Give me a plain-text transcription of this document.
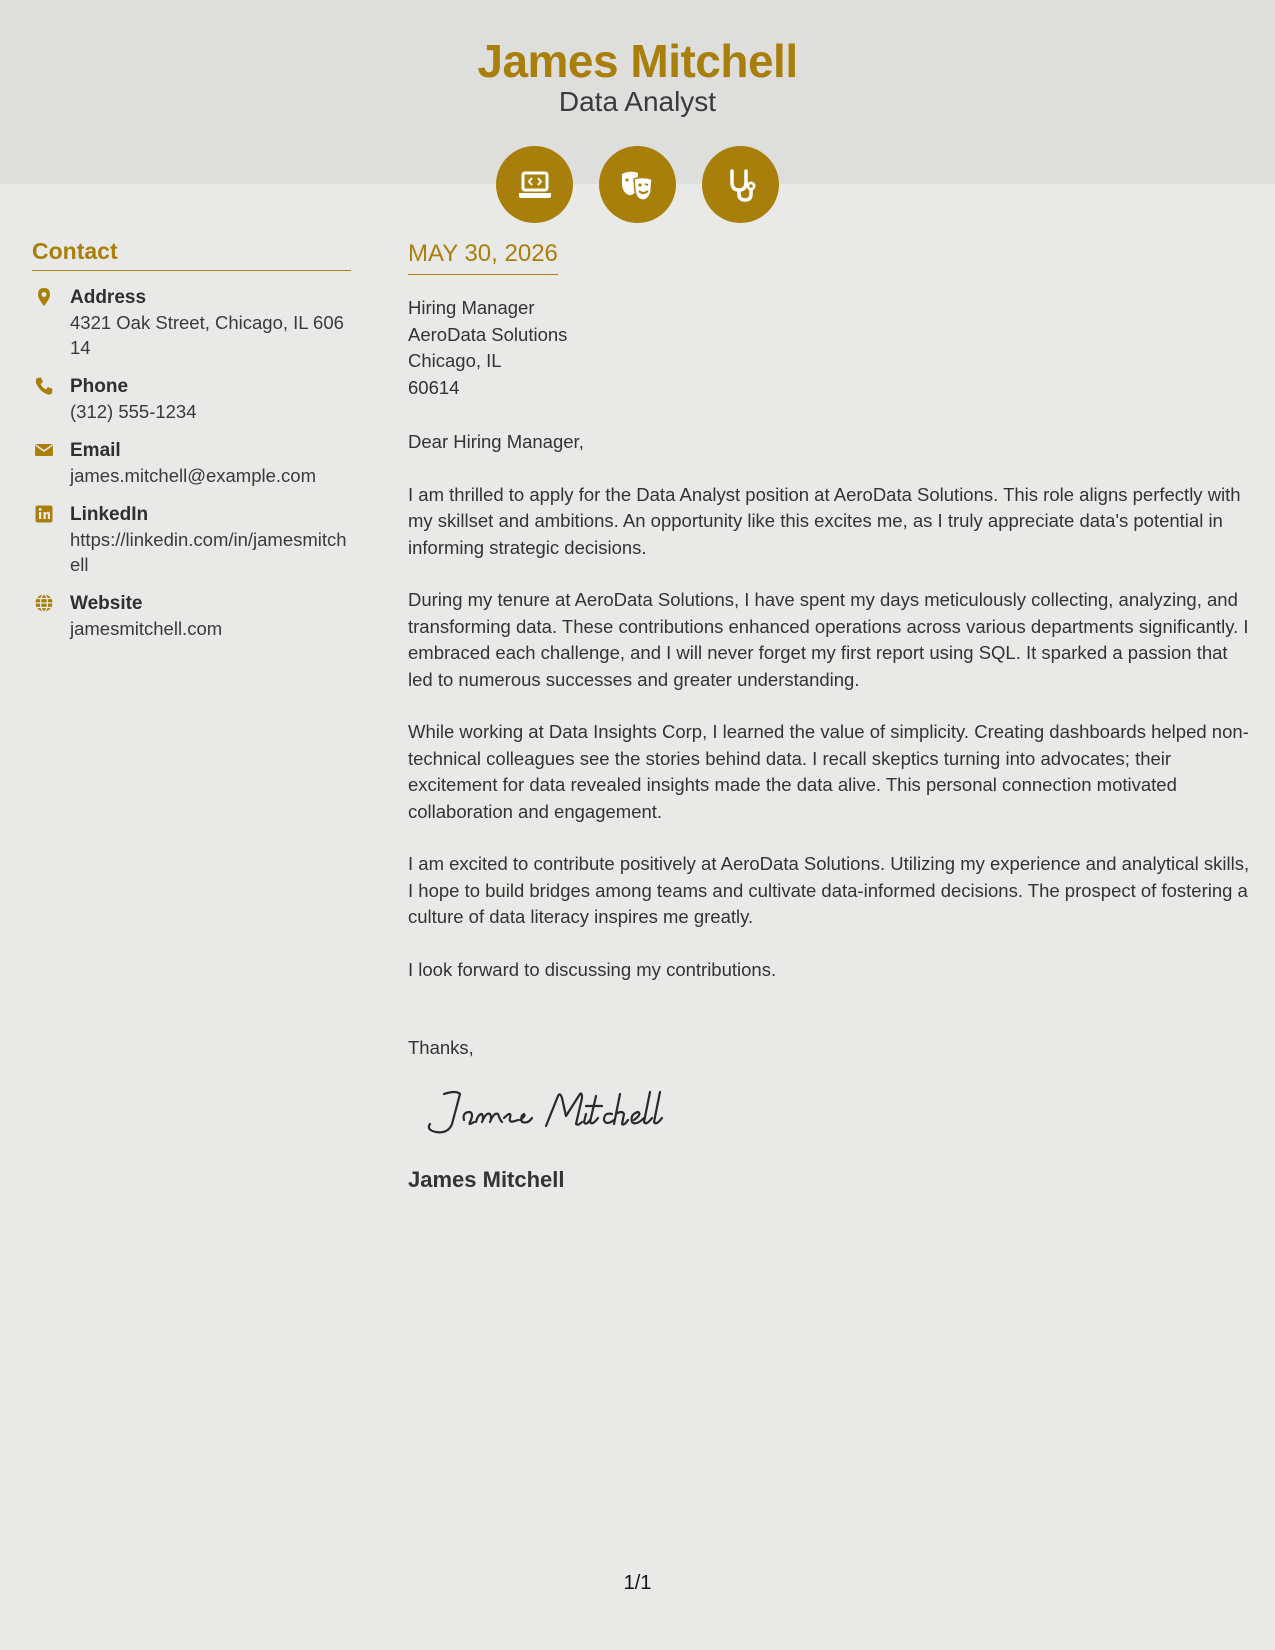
James Mitchell
Data Analyst
Contact
Address
4321 Oak Street, Chicago, IL 60614
Phone
(312) 555-1234
Email
james.mitchell@example.com
LinkedIn
https://linkedin.com/in/jamesmitchell
Website
jamesmitchell.com
MAY 30, 2026
Hiring Manager
AeroData Solutions
Chicago, IL
60614

Dear Hiring Manager,

I am thrilled to apply for the Data Analyst position at AeroData Solutions. This role aligns perfectly with my skillset and ambitions. An opportunity like this excites me, as I truly appreciate data's potential in informing strategic decisions.

During my tenure at AeroData Solutions, I have spent my days meticulously collecting, analyzing, and transforming data. These contributions enhanced operations across various departments significantly. I embraced each challenge, and I will never forget my first report using SQL. It sparked a passion that led to numerous successes and greater understanding.

While working at Data Insights Corp, I learned the value of simplicity. Creating dashboards helped non-technical colleagues see the stories behind data. I recall skeptics turning into advocates; their excitement for data revealed insights made the data alive. This personal connection motivated collaboration and engagement.

I am excited to contribute positively at AeroData Solutions. Utilizing my experience and analytical skills, I hope to build bridges among teams and cultivate data-informed decisions. The prospect of fostering a culture of data literacy inspires me greatly.

I look forward to discussing my contributions.

Thanks,

James Mitchell
1/1
